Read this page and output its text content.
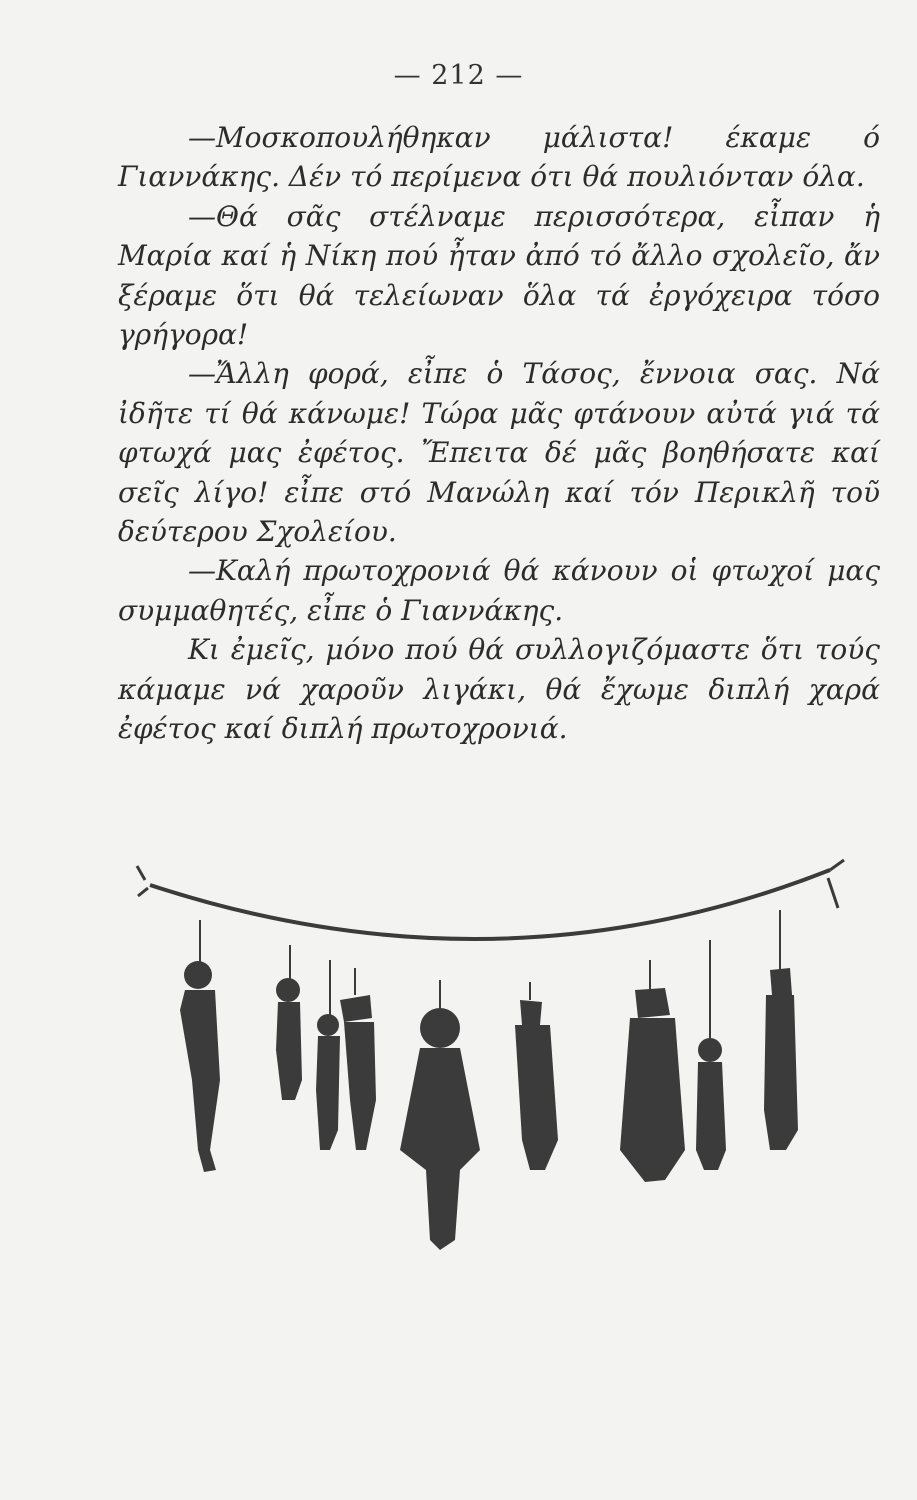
— 212 —

—Μοσκοπουλήθηκαν μάλιστα! έκαμε ό Γιαννάκης. Δέν τό περίμενα ότι θά πουλιόνταν όλα.

—Θά σᾶς στέλναμε περισσότερα, εἶπαν ἡ Μαρία καί ἡ Νίκη πού ἦταν ἀπό τό ἄλλο σχολεῖο, ἄν ξέραμε ὅτι θά τελείωναν ὅλα τά ἐργόχειρα τόσο γρήγορα!

—Ἄλλη φορά, εἶπε ὁ Τάσος, ἔννοια σας. Νά ἰδῆτε τί θά κάνωμε! Τώρα μᾶς φτάνουν αὐτά γιά τά φτωχά μας ἐφέτος. Ἔπειτα δέ μᾶς βοηθήσατε καί σεῖς λίγο! εἶπε στό Μανώλη καί τόν Περικλῆ τοῦ δεύτερου Σχολείου.

—Καλή πρωτοχρονιά θά κάνουν οἱ φτωχοί μας συμμαθητές, εἶπε ὁ Γιαννάκης.

Κι ἐμεῖς, μόνο πού θά συλλογιζόμαστε ὅτι τούς κάμαμε νά χαροῦν λιγάκι, θά ἔχωμε διπλή χαρά ἐφέτος καί διπλή πρωτοχρονιά.
